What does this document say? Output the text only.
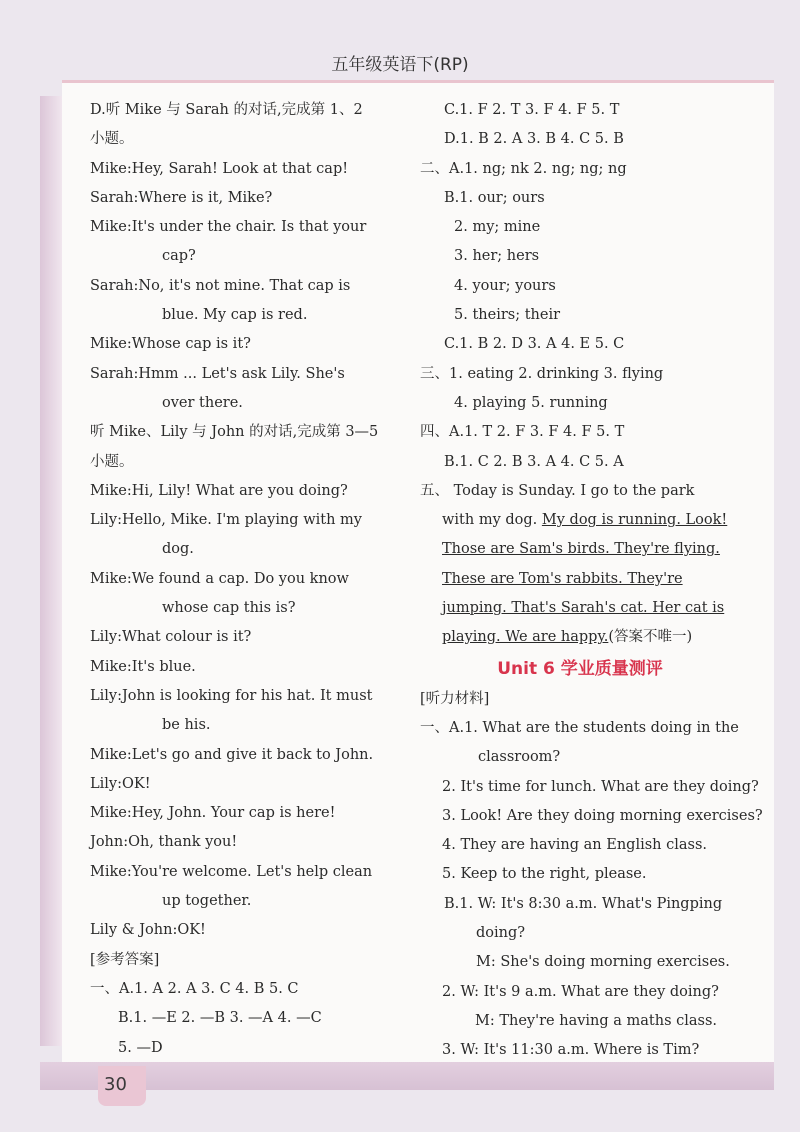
五年级英语下(RP)
30
D.听 Mike 与 Sarah 的对话,完成第 1、2
小题。
Mike:Hey, Sarah! Look at that cap!
Sarah:Where is it, Mike?
Mike:It's under the chair. Is that your
cap?
Sarah:No, it's not mine. That cap is
blue. My cap is red.
Mike:Whose cap is it?
Sarah:Hmm ... Let's ask Lily. She's
over there.
听 Mike、Lily 与 John 的对话,完成第 3—5
小题。
Mike:Hi, Lily! What are you doing?
Lily:Hello, Mike. I'm playing with my
dog.
Mike:We found a cap. Do you know
whose cap this is?
Lily:What colour is it?
Mike:It's blue.
Lily:John is looking for his hat. It must
be his.
Mike:Let's go and give it back to John.
Lily:OK!
Mike:Hey, John. Your cap is here!
John:Oh, thank you!
Mike:You're welcome. Let's help clean
up together.
Lily & John:OK!
[参考答案]
一、A.1. A 2. A 3. C 4. B 5. C
B.1. —E 2. —B 3. —A 4. —C
5. —D
C.1. F 2. T 3. F 4. F 5. T
D.1. B 2. A 3. B 4. C 5. B
二、A.1. ng; nk 2. ng; ng; ng
B.1. our; ours
2. my; mine
3. her; hers
4. your; yours
5. theirs; their
C.1. B 2. D 3. A 4. E 5. C
三、1. eating 2. drinking 3. flying
4. playing 5. running
四、A.1. T 2. F 3. F 4. F 5. T
B.1. C 2. B 3. A 4. C 5. A
五、 Today is Sunday. I go to the park
with my dog. My dog is running. Look!
Those are Sam's birds. They're flying.
These are Tom's rabbits. They're
jumping. That's Sarah's cat. Her cat is
playing. We are happy.(答案不唯一)
Unit 6 学业质量测评
[听力材料]
一、A.1. What are the students doing in the
classroom?
2. It's time for lunch. What are they doing?
3. Look! Are they doing morning exercises?
4. They are having an English class.
5. Keep to the right, please.
B.1. W: It's 8:30 a.m. What's Pingping
doing?
M: She's doing morning exercises.
2. W: It's 9 a.m. What are they doing?
M: They're having a maths class.
3. W: It's 11:30 a.m. Where is Tim?
